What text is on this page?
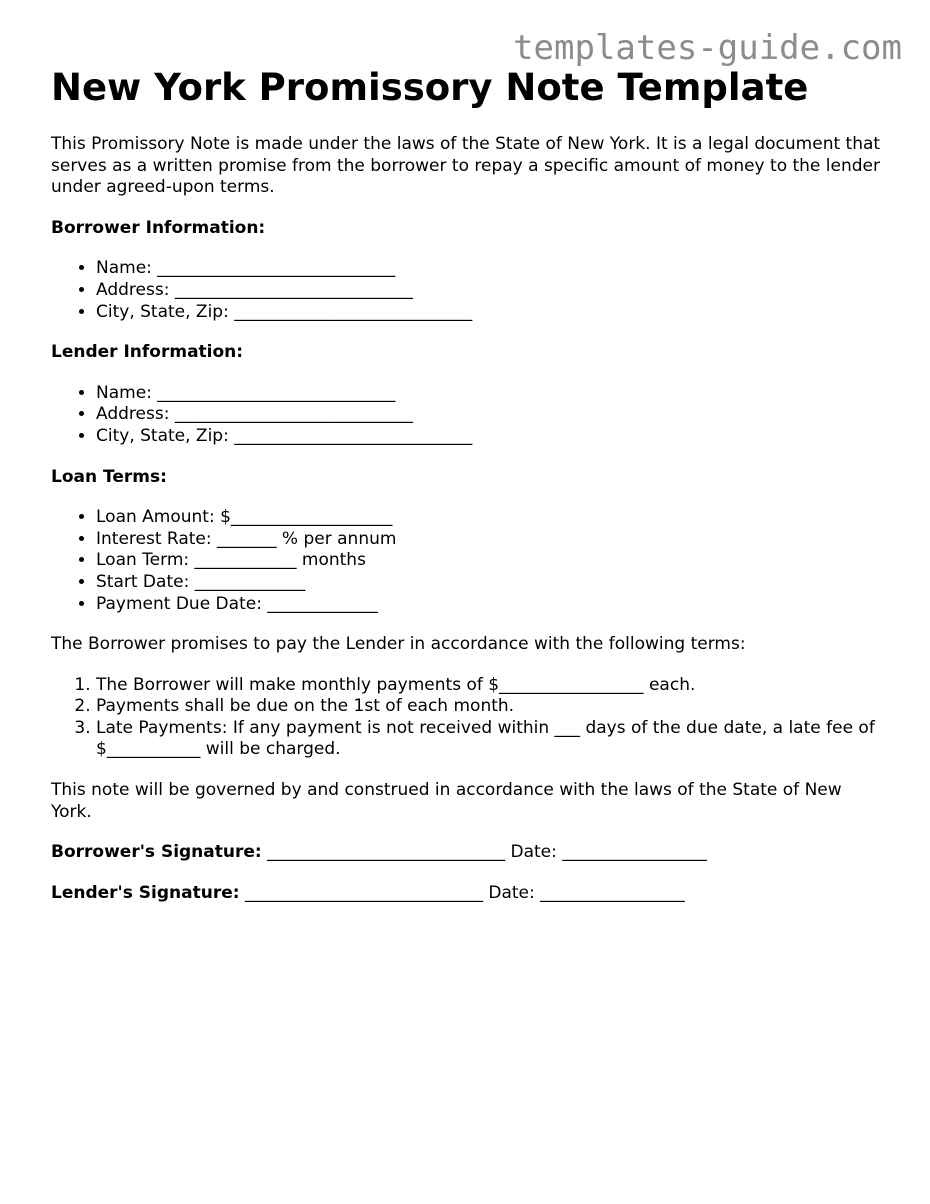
templates-guide.com
New York Promissory Note Template

This Promissory Note is made under the laws of the State of New York. It is a legal document that serves as a written promise from the borrower to repay a specific amount of money to the lender under agreed-upon terms.

Borrower Information:
• Name: ____________________________
• Address: ____________________________
• City, State, Zip: ____________________________
Lender Information:
• Name: ____________________________
• Address: ____________________________
• City, State, Zip: ____________________________
Loan Terms:
• Loan Amount: $___________________
• Interest Rate: _______ % per annum
• Loan Term: ____________ months
• Start Date: _____________
• Payment Due Date: _____________

The Borrower promises to pay the Lender in accordance with the following terms:

1. The Borrower will make monthly payments of $_________________ each.
2. Payments shall be due on the 1st of each month.
3. Late Payments: If any payment is not received within ___ days of the due date, a late fee of $___________ will be charged.

This note will be governed by and construed in accordance with the laws of the State of New York.

Borrower's Signature: ____________________________ Date: _________________
Lender's Signature: ____________________________ Date: _________________
